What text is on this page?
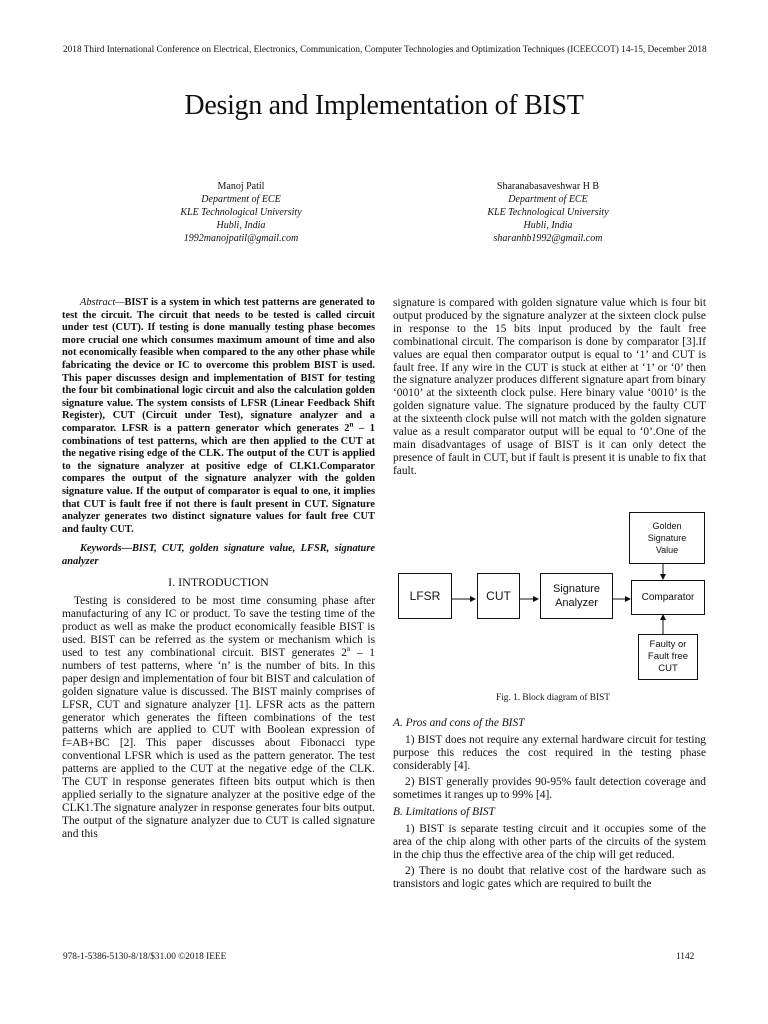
2018 Third International Conference on Electrical, Electronics, Communication, Computer Technologies and Optimization Techniques (ICEECCOT) 14-15, December 2018
Design and Implementation of BIST
Manoj Patil
Department of ECE
KLE Technological University
Hubli, India
1992manojpatil@gmail.com
Sharanabasaveshwar H B
Department of ECE
KLE Technological University
Hubli, India
sharanhb1992@gmail.com

Abstract—BIST is a system in which test patterns are generated to test the circuit. The circuit that needs to be tested is called circuit under test (CUT). If testing is done manually testing phase becomes more crucial one which consumes maximum amount of time and also not economically feasible when compared to the any other phase while fabricating the device or IC to overcome this problem BIST is used. This paper discusses design and implementation of BIST for testing the four bit combinational logic circuit and also the calculation golden signature value. The system consists of LFSR (Linear Feedback Shift Register), CUT (Circuit under Test), signature analyzer and a comparator. LFSR is a pattern generator which generates 2$^n$ – 1 combinations of test patterns, which are then applied to the CUT at the negative rising edge of the CLK. The output of the CUT is applied to the signature analyzer at positive edge of CLK1.Comparator compares the output of the signature analyzer with the golden signature value. If the output of comparator is equal to one, it implies that CUT is fault free if not there is fault present in CUT. Signature analyzer generates two distinct signature values for fault free CUT and faulty CUT.

Keywords—BIST, CUT, golden signature value, LFSR, signature analyzer

I. INTRODUCTION

Testing is considered to be most time consuming phase after manufacturing of any IC or product. To save the testing time of the product as well as make the product economically feasible BIST is used. BIST can be referred as the system or mechanism which is used to test any combinational circuit. BIST generates 2$^n$ – 1 numbers of test patterns, where ‘n’ is the number of bits. In this paper design and implementation of four bit BIST and calculation of golden signature value is discussed. The BIST mainly comprises of LFSR, CUT and signature analyzer [1]. LFSR acts as the pattern generator which generates the fifteen combinations of the test patterns which are applied to CUT with Boolean expression of f=AB+BC [2]. This paper discusses about Fibonacci type conventional LFSR which is used as the pattern generator. The test patterns are applied to the CUT at the negative edge of the CLK. The CUT in response generates fifteen bits output which is then applied serially to the signature analyzer at the positive edge of the CLK1.The signature analyzer in response generates four bits output. The output of the signature analyzer due to CUT is called signature and this

signature is compared with golden signature value which is four bit output produced by the signature analyzer at the sixteen clock pulse in response to the 15 bits input produced by the fault free combinational circuit. The comparison is done by comparator [3].If values are equal then comparator output is equal to ‘1’ and CUT is fault free. If any wire in the CUT is stuck at either at ‘1’ or ‘0’ then the signature analyzer produces different signature apart from binary ‘0010’ at the sixteenth clock pulse. Here binary value ‘0010’ is the golden signature value. The signature produced by the faulty CUT at the sixteenth clock pulse will not match with the golden signature value as a result comparator output will be equal to ‘0’.One of the main disadvantages of usage of BIST is it can only detect the presence of fault in CUT, but if fault is present it is unable to fix that fault.

LFSR	CUT	Signature
Analyzer
Golden
Signature
Value
Comparator
Faulty or
Fault free
CUT
Fig. 1. Block diagram of BIST
A. Pros and cons of the BIST

1) BIST does not require any external hardware circuit for testing purpose this reduces the cost required in the testing phase considerably [4].

2) BIST generally provides 90-95% fault detection coverage and sometimes it ranges up to 99% [4].

B. Limitations of BIST

1) BIST is separate testing circuit and it occupies some of the area of the chip along with other parts of the circuits of the system in the chip thus the effective area of the chip will get reduced.

2) There is no doubt that relative cost of the hardware such as transistors and logic gates which are required to built the

978-1-5386-5130-8/18/$31.00 ©2018 IEEE	1142
